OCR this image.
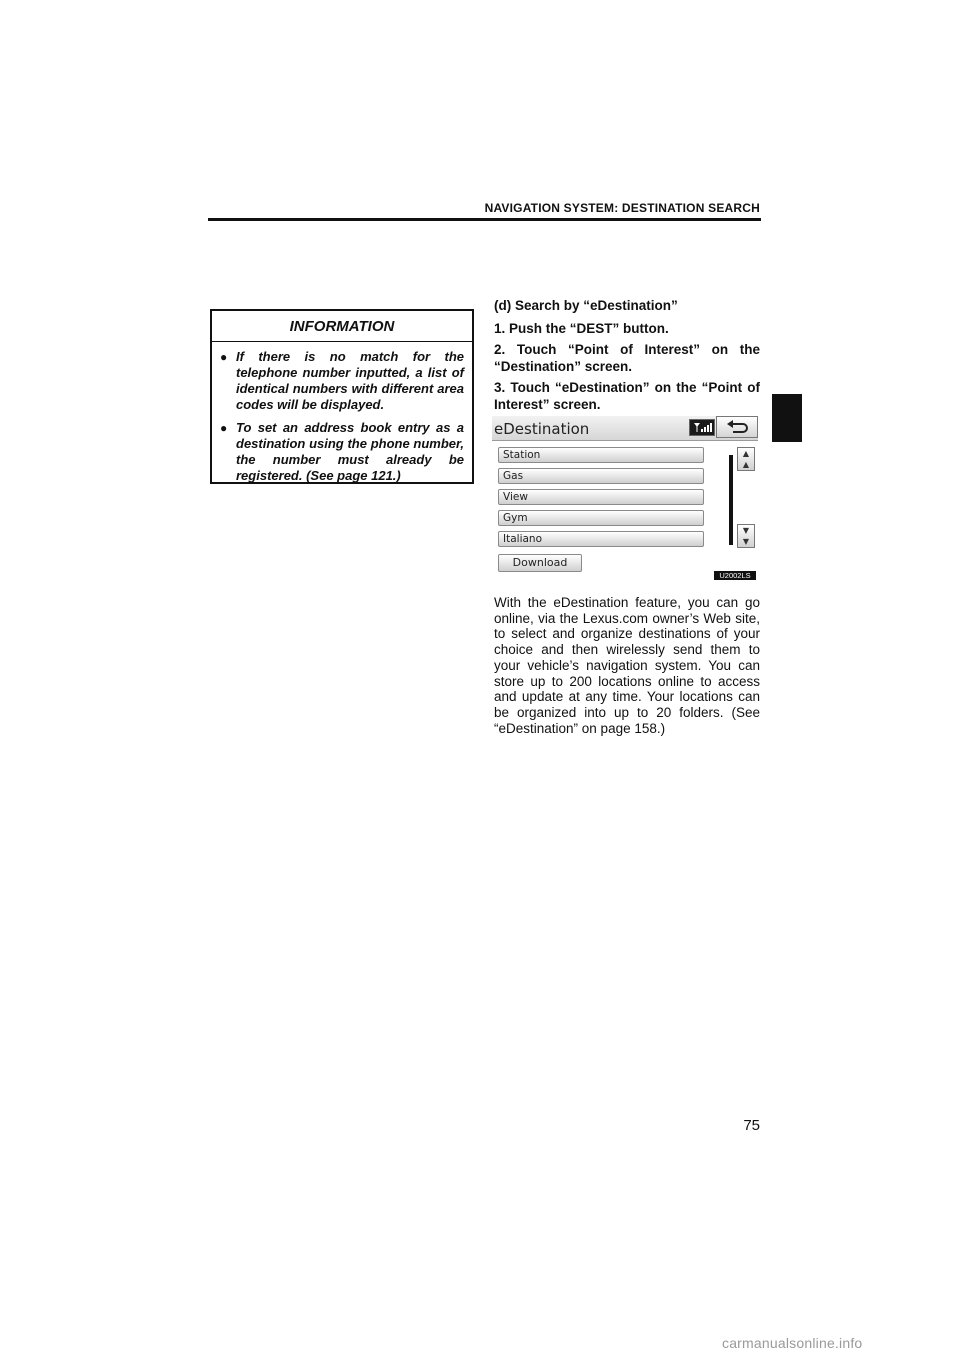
NAVIGATION SYSTEM: DESTINATION SEARCH
INFORMATION
● If there is no match for the telephone number inputted, a list of identical numbers with different area codes will be displayed.
● To set an address book entry as a destination using the phone number, the number must already be registered. (See page 121.)
(d) Search by “eDestination”
1. Push the “DEST” button.
2. Touch “Point of Interest” on the “Destination” screen.
3. Touch “eDestination” on the “Point of Interest” screen.
eDestination
Station
Gas
View
Gym
Italiano
▲
▲
▼
▼
Download
U2002LS
With the eDestination feature, you can go online, via the Lexus.com owner’s Web site, to select and organize destinations of your choice and then wirelessly send them to your vehicle’s navigation system. You can store up to 200 locations online to access and update at any time. Your locations can be organized into up to 20 folders. (See “eDestination” on page 158.)
75
carmanualsonline.info
